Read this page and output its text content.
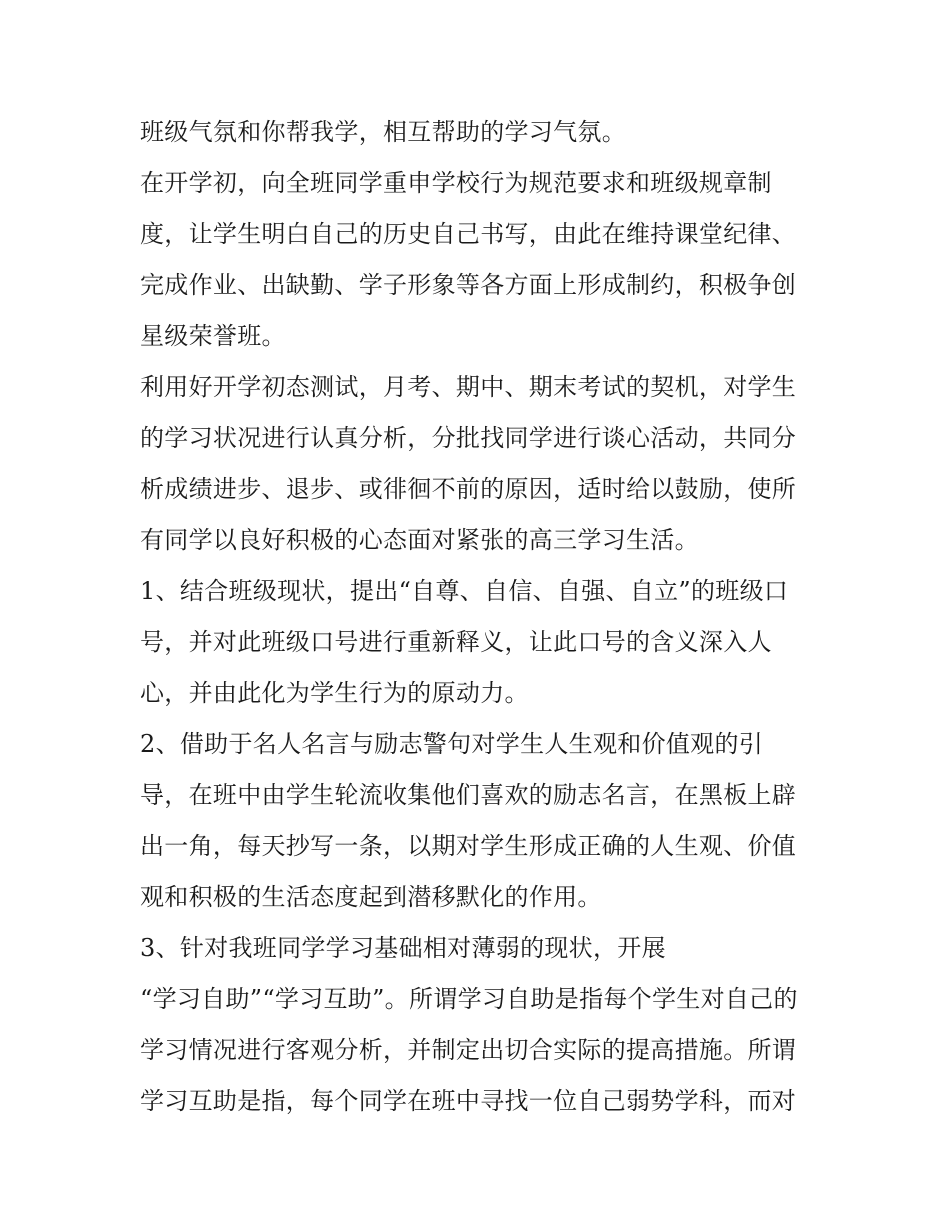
班级气氛和你帮我学，相互帮助的学习气氛。
在开学初，向全班同学重申学校行为规范要求和班级规章制
度，让学生明白自己的历史自己书写，由此在维持课堂纪律、
完成作业、出缺勤、学子形象等各方面上形成制约，积极争创
星级荣誉班。
利用好开学初态测试，月考、期中、期末考试的契机，对学生
的学习状况进行认真分析，分批找同学进行谈心活动，共同分
析成绩进步、退步、或徘徊不前的原因，适时给以鼓励，使所
有同学以良好积极的心态面对紧张的高三学习生活。
1、结合班级现状，提出“自尊、自信、自强、自立”的班级口
号，并对此班级口号进行重新释义，让此口号的含义深入人
心，并由此化为学生行为的原动力。
2、借助于名人名言与励志警句对学生人生观和价值观的引
导，在班中由学生轮流收集他们喜欢的励志名言，在黑板上辟
出一角，每天抄写一条，以期对学生形成正确的人生观、价值
观和积极的生活态度起到潜移默化的作用。
3、针对我班同学学习基础相对薄弱的现状，开展
“学习自助”“学习互助”。所谓学习自助是指每个学生对自己的
学习情况进行客观分析，并制定出切合实际的提高措施。所谓
学习互助是指，每个同学在班中寻找一位自己弱势学科，而对
